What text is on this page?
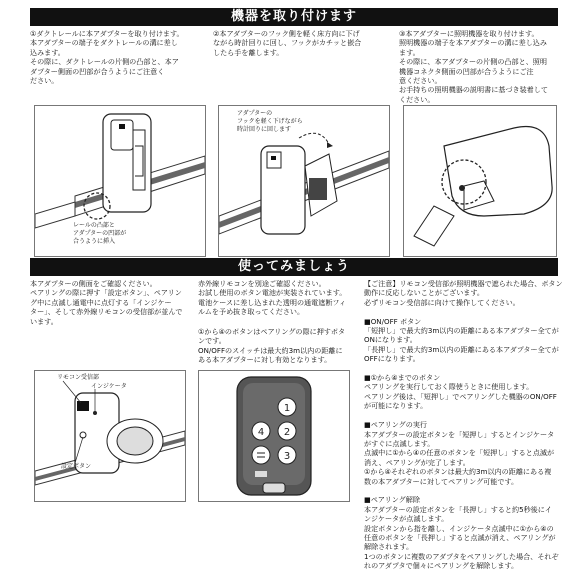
機器を取り付けます
①ダクトレールに本アダプターを取り付けます。
本アダプターの端子をダクトレールの溝に差し
込みます。
その際に、ダクトレールの片側の凸部と、本ア
ダプター側面の凹部が合うようにご注意く
ださい。
②本アダプターのフック側を軽く床方向に下げ
ながら時計回りに回し、フックがカチッと嵌合
したら手を離します。
③本アダプターに照明機器を取り付けます。
照明機器の端子を本アダプターの溝に差し込み
ます。
その際に、本アダプターの片側の凸部と、照明
機器コネクタ側面の凹部が合うようにご注
意ください。
お手持ちの照明機器の説明書に基づき装着して
ください。
レールの凸部と
アダプターの凹部が
合うように挿入
アダプターの
フックを軽く下げながら
時計回りに回します
使ってみましょう
本アダプターの側面をご確認ください。
ペアリングの際に押す「設定ボタン」、ペアリン
グ中に点滅し通電中に点灯する「インジケー
ター」、そして赤外線リモコンの受信部が並んで
います。
赤外線リモコンを別途ご確認ください。
お試し使用のボタン電池が実装されています。
電池ケースに差し込まれた透明の通電遮断フィ
ルムを予め抜き取ってください。
①から④のボタンはペアリングの際に押すボタ
ンです。
ON/OFFのスイッチは最大約3m以内の距離に
ある本アダプターに対し有効となります。
【ご注意】リモコン受信部が照明機器で遮られた場合、ボタン
動作に反応しないことがございます。
必ずリモコン受信部に向けて操作してください。

■ON/OFF ボタン
「短押し」で最大約3m以内の距離にある本アダプター全てが
ONになります。
「長押し」で最大約3m以内の距離にある本アダプター全てが
OFFになります。

■①から④までのボタン
ペアリングを実行しておく際使うときに使用します。
ペアリング後は、「短押し」でペアリングした機器のON/OFF
が可能になります。

■ペアリングの実行
本アダプターの設定ボタンを「短押し」するとインジケータ
がすぐに点滅します。
点滅中に①から④の任意のボタンを「短押し」すると点滅が
消え、ペアリングが完了します。
①から④それぞれのボタンは最大約3m以内の距離にある複
数の本アダプターに対してペアリング可能です。

■ペアリング解除
本アダプターの設定ボタンを「長押し」すると約5秒後にイ
ンジケータが点滅します。
設定ボタンから指を離し、インジケータ点滅中に①から④の
任意のボタンを「長押し」すると点滅が消え、ペアリングが
解除されます。
1つのボタンに複数のアダプタをペアリングした場合、それぞ
れのアダプタで個々にペアリングを解除します。
リモコン受信部
インジケータ
設定ボタン
1
2
3
4
